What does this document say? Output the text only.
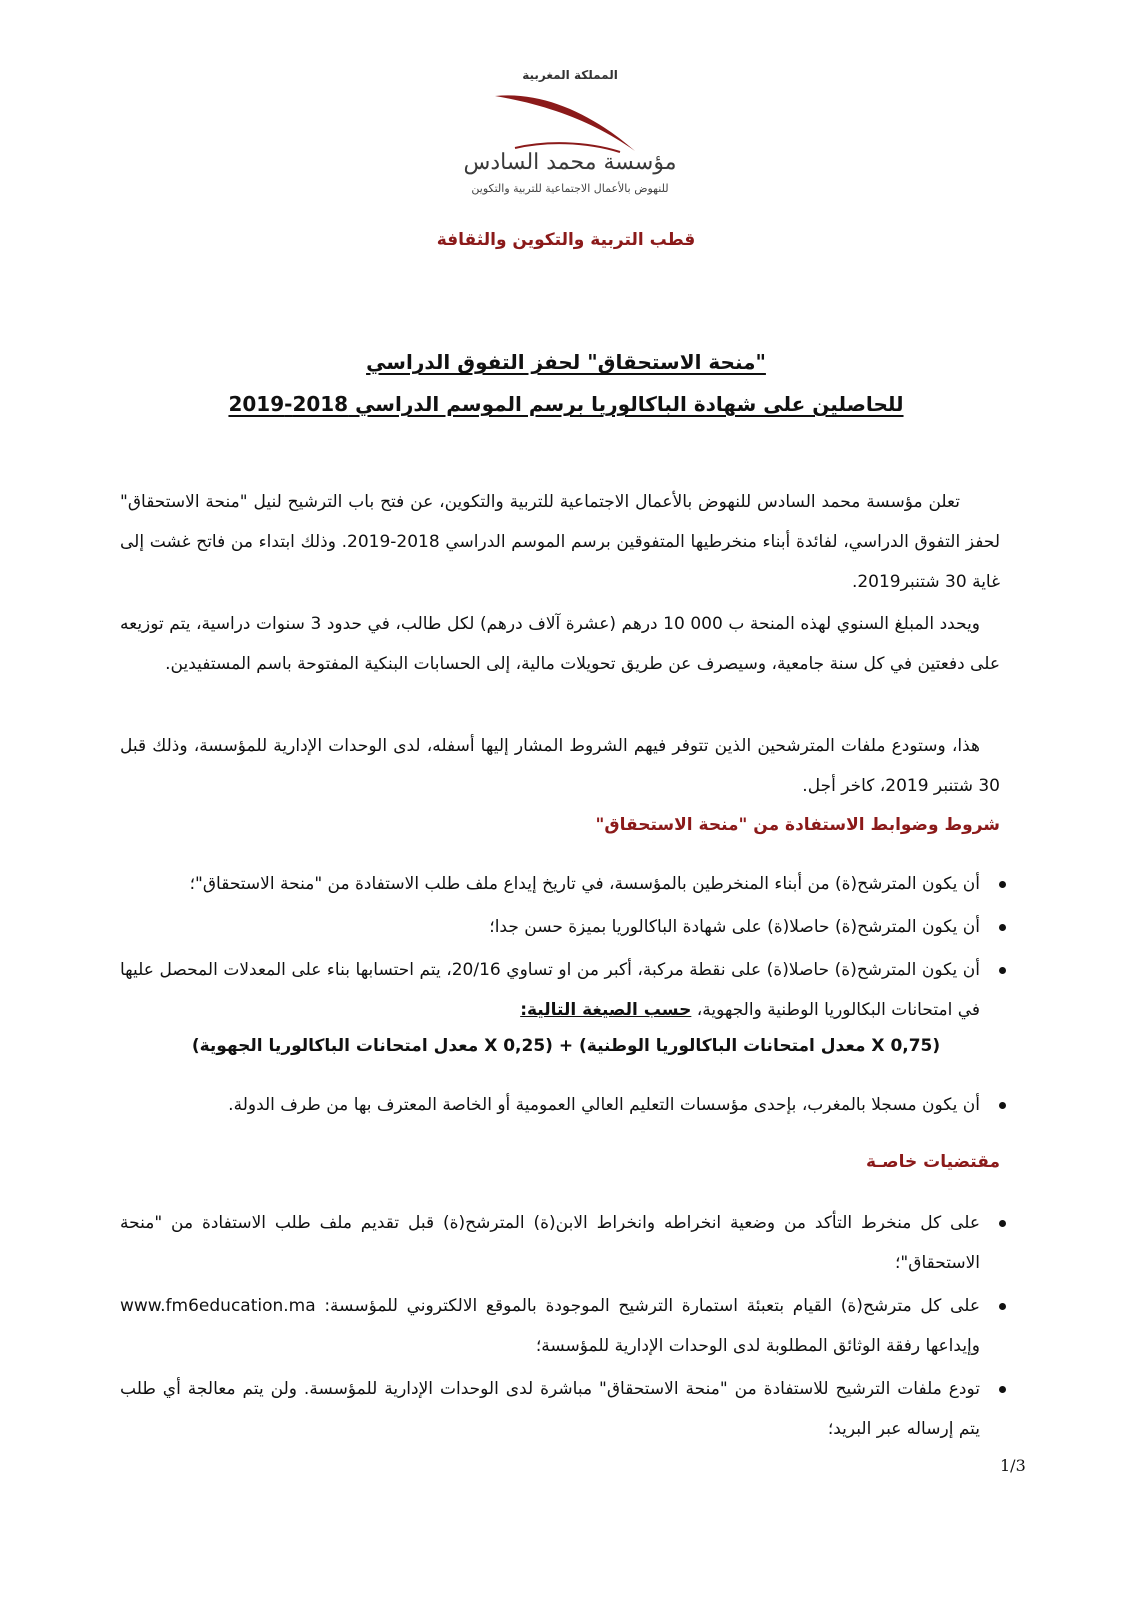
المملكة المغربية
مؤسسة محمد السادس
للنهوض بالأعمال الاجتماعية للتربية والتكوين
قطب التربية والتكوين والثقافة
"منحة الاستحقاق" لحفز التفوق الدراسي
للحاصلين على شهادة الباكالوريا برسم الموسم الدراسي 2018-2019

تعلن مؤسسة محمد السادس للنهوض بالأعمال الاجتماعية للتربية والتكوين، عن فتح باب الترشيح لنيل "منحة الاستحقاق" لحفز التفوق الدراسي، لفائدة أبناء منخرطيها المتفوقين برسم الموسم الدراسي 2018-2019. وذلك ابتداء من فاتح غشت إلى غاية 30 شتنبر2019.

ويحدد المبلغ السنوي لهذه المنحة ب 000 10 درهم (عشرة آلاف درهم) لكل طالب، في حدود 3 سنوات دراسية، يتم توزيعه على دفعتين في كل سنة جامعية، وسيصرف عن طريق تحويلات مالية، إلى الحسابات البنكية المفتوحة باسم المستفيدين.

هذا، وستودع ملفات المترشحين الذين تتوفر فيهم الشروط المشار إليها أسفله، لدى الوحدات الإدارية للمؤسسة، وذلك قبل 30 شتنبر 2019، كاخر أجل.

شروط وضوابط الاستفادة من "منحة الاستحقاق"
أن يكون المترشح(ة) من أبناء المنخرطين بالمؤسسة، في تاريخ إيداع ملف طلب الاستفادة من "منحة الاستحقاق"؛
أن يكون المترشح(ة) حاصلا(ة) على شهادة الباكالوريا بميزة حسن جدا؛
أن يكون المترشح(ة) حاصلا(ة) على نقطة مركبة، أكبر من او تساوي 20/16، يتم احتسابها بناء على المعدلات المحصل عليها في امتحانات البكالوريا الوطنية والجهوية، حسب الصيغة التالية:
(0,75 X معدل امتحانات الباكالوريا الوطنية) + (0,25 X معدل امتحانات الباكالوريا الجهوية)
أن يكون مسجلا بالمغرب، بإحدى مؤسسات التعليم العالي العمومية أو الخاصة المعترف بها من طرف الدولة.
مقتضيات خاصـة
على كل منخرط التأكد من وضعية انخراطه وانخراط الابن(ة) المترشح(ة) قبل تقديم ملف طلب الاستفادة من "منحة الاستحقاق"؛
على كل مترشح(ة) القيام بتعبئة استمارة الترشيح الموجودة بالموقع الالكتروني للمؤسسة: www.fm6education.ma وإيداعها رفقة الوثائق المطلوبة لدى الوحدات الإدارية للمؤسسة؛
تودع ملفات الترشيح للاستفادة من "منحة الاستحقاق" مباشرة لدى الوحدات الإدارية للمؤسسة. ولن يتم معالجة أي طلب يتم إرساله عبر البريد؛
1/3
